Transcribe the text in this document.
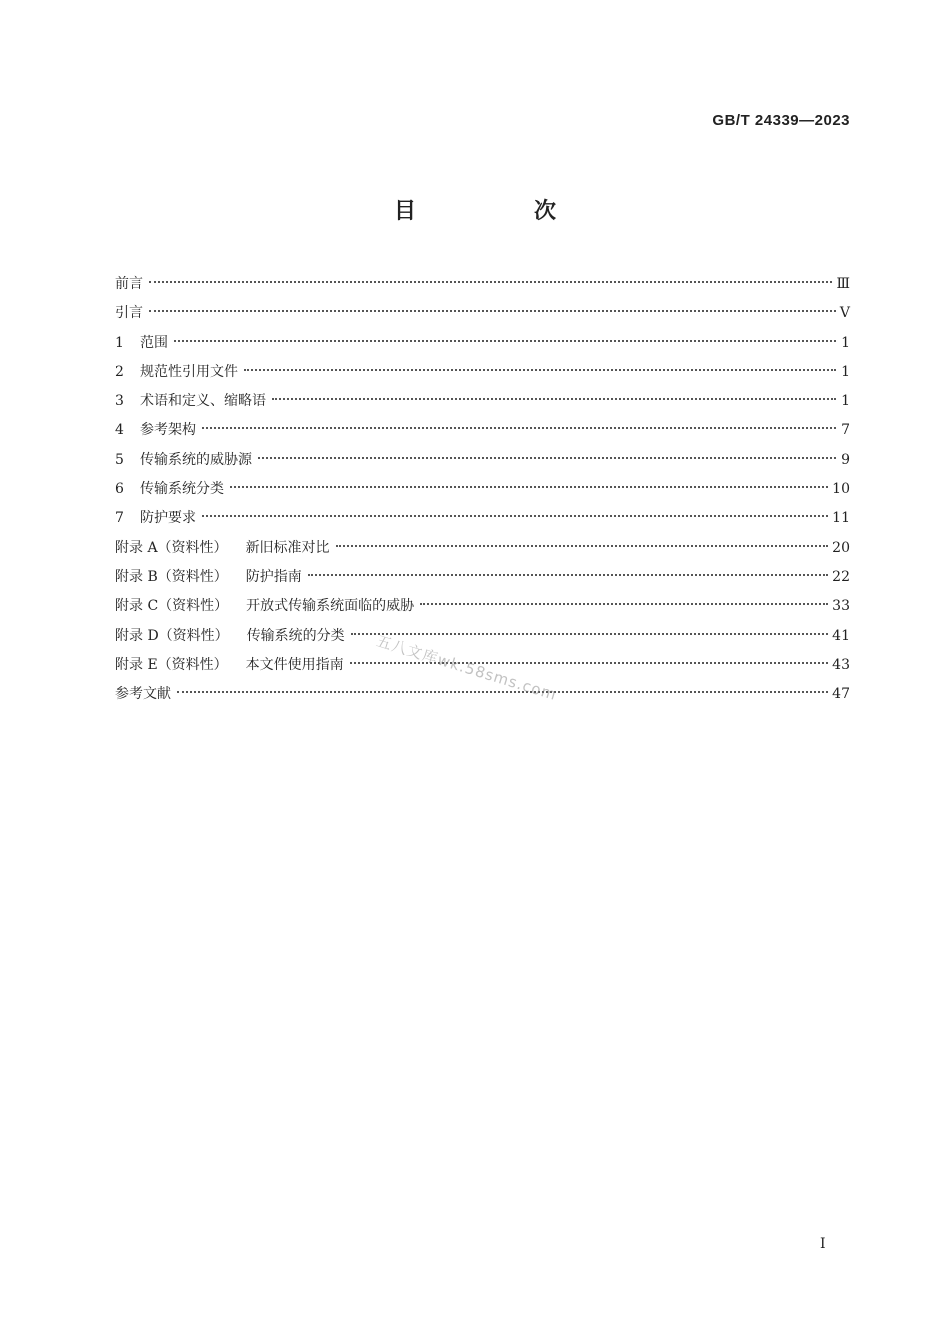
GB/T 24339—2023
目　次
前言	Ⅲ
引言	V
1	范围	1
2	规范性引用文件	1
3	术语和定义、缩略语	1
4	参考架构	7
5	传输系统的威胁源	9
6	传输系统分类	10
7	防护要求	11
附录 A（资料性）	新旧标准对比	20
附录 B（资料性）	防护指南	22
附录 C（资料性）	开放式传输系统面临的威胁	33
附录 D（资料性）	传输系统的分类	41
附录 E（资料性）	本文件使用指南	43
参考文献	47
五八文库wk.58sms.com
I
